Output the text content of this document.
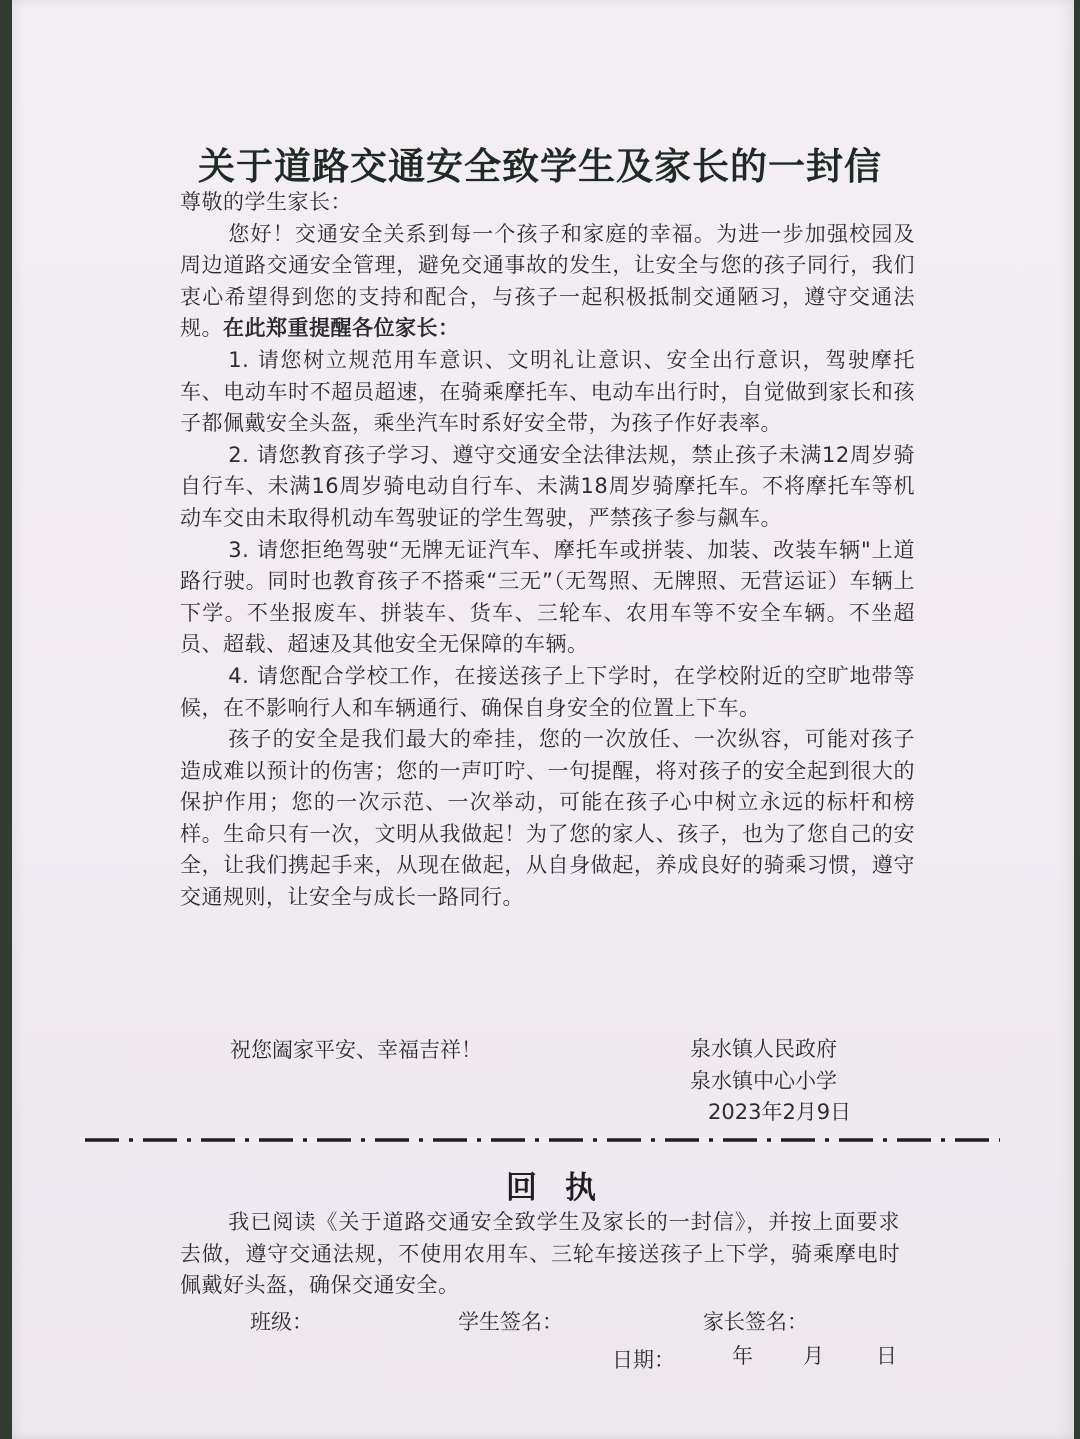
关于道路交通安全致学生及家长的一封信

尊敬的学生家长：

您好！交通安全关系到每一个孩子和家庭的幸福。为进一步加强校园及周边道路交通安全管理，避免交通事故的发生，让安全与您的孩子同行，我们衷心希望得到您的支持和配合，与孩子一起积极抵制交通陋习，遵守交通法规。在此郑重提醒各位家长：

1. 请您树立规范用车意识、文明礼让意识、安全出行意识，驾驶摩托车、电动车时不超员超速，在骑乘摩托车、电动车出行时，自觉做到家长和孩子都佩戴安全头盔，乘坐汽车时系好安全带，为孩子作好表率。

2. 请您教育孩子学习、遵守交通安全法律法规，禁止孩子未满12周岁骑自行车、未满16周岁骑电动自行车、未满18周岁骑摩托车。不将摩托车等机动车交由未取得机动车驾驶证的学生驾驶，严禁孩子参与飙车。

3. 请您拒绝驾驶“无牌无证汽车、摩托车或拼装、加装、改装车辆"上道路行驶。同时也教育孩子不搭乘“三无”（无驾照、无牌照、无营运证）车辆上下学。不坐报废车、拼装车、货车、三轮车、农用车等不安全车辆。不坐超员、超载、超速及其他安全无保障的车辆。

4. 请您配合学校工作，在接送孩子上下学时，在学校附近的空旷地带等候，在不影响行人和车辆通行、确保自身安全的位置上下车。

孩子的安全是我们最大的牵挂，您的一次放任、一次纵容，可能对孩子造成难以预计的伤害；您的一声叮咛、一句提醒，将对孩子的安全起到很大的保护作用；您的一次示范、一次举动，可能在孩子心中树立永远的标杆和榜样。生命只有一次，文明从我做起！为了您的家人、孩子，也为了您自己的安全，让我们携起手来，从现在做起，从自身做起，养成良好的骑乘习惯，遵守交通规则，让安全与成长一路同行。

祝您阖家平安、幸福吉祥！	泉水镇人民政府
泉水镇中心小学
2023年2月9日
回执

我已阅读《关于道路交通安全致学生及家长的一封信》，并按上面要求去做，遵守交通法规，不使用农用车、三轮车接送孩子上下学，骑乘摩电时佩戴好头盔，确保交通安全。

班级：	学生签名：	家长签名：
日期：	年 月 日
